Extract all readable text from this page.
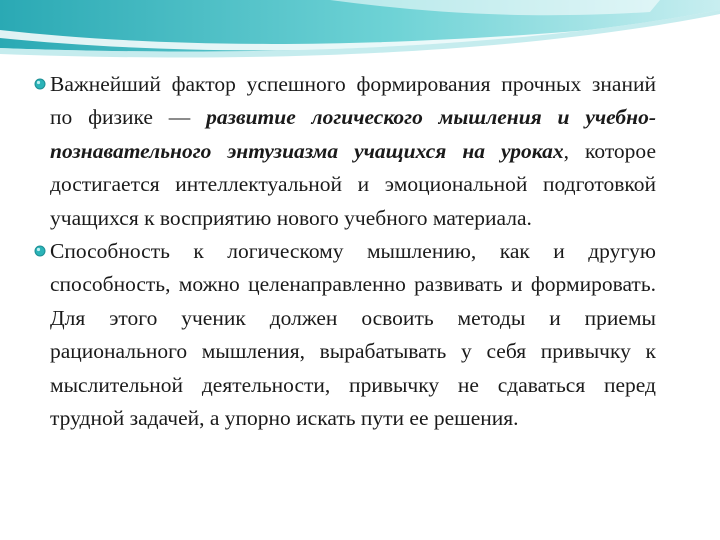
Важнейший фактор успешного формирования прочных знаний по физике — развитие логического мышления и учебно-познавательного энтузиазма учащихся на уроках, которое достигается интеллектуальной и эмоциональной подготовкой учащихся к восприятию нового учебного материала.
Способность к логическому мышлению, как и другую способность, можно целенаправленно развивать и формировать. Для этого ученик должен освоить методы и приемы рационального мышления, вырабатывать у себя привычку к мыслительной деятельности, привычку не сдаваться перед трудной задачей, а упорно искать пути ее решения.
